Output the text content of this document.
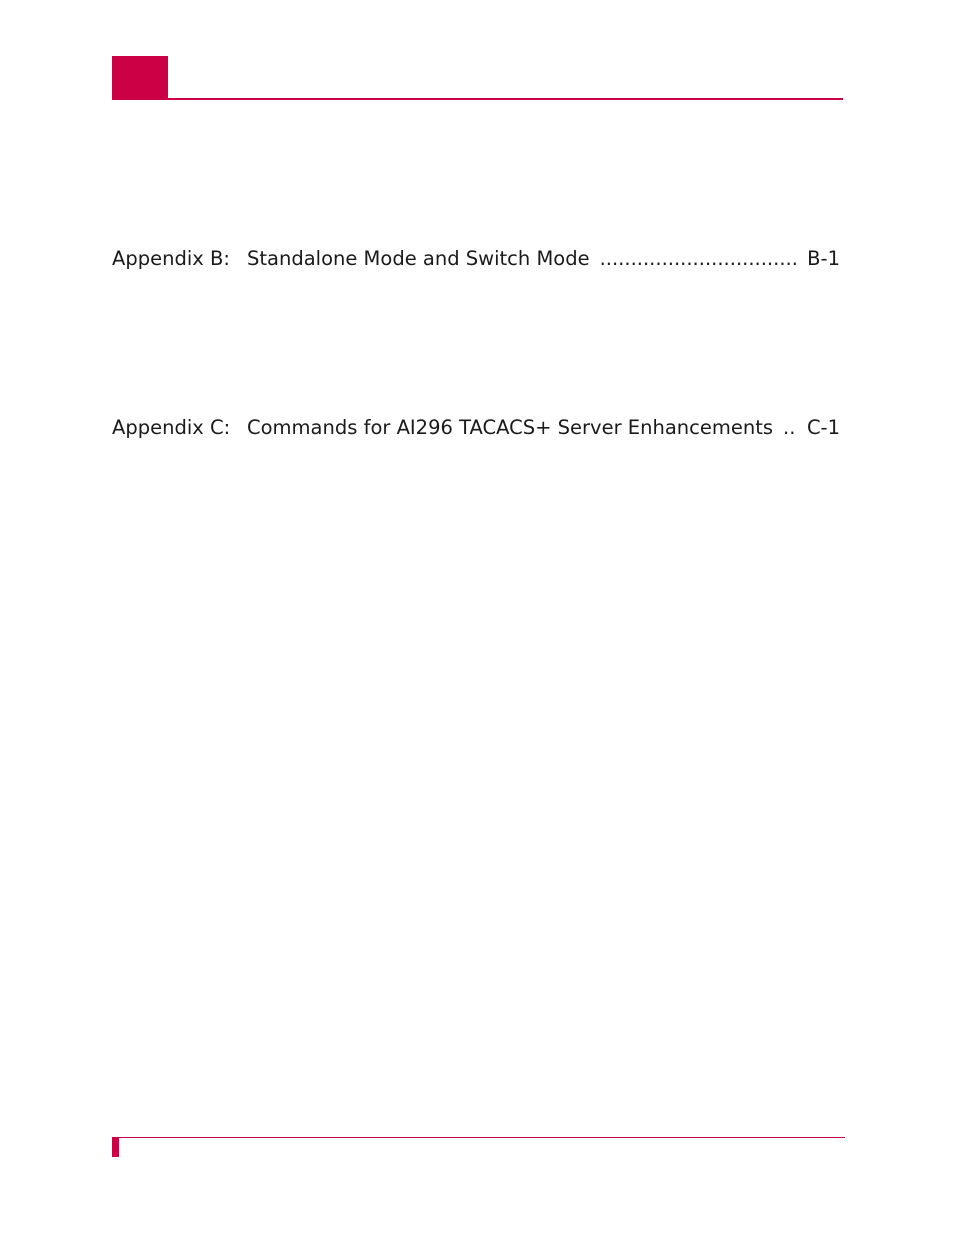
Appendix B: Standalone Mode and Switch Mode ................................ B-1
Appendix C: Commands for AI296 TACACS+ Server Enhancements .. C-1
